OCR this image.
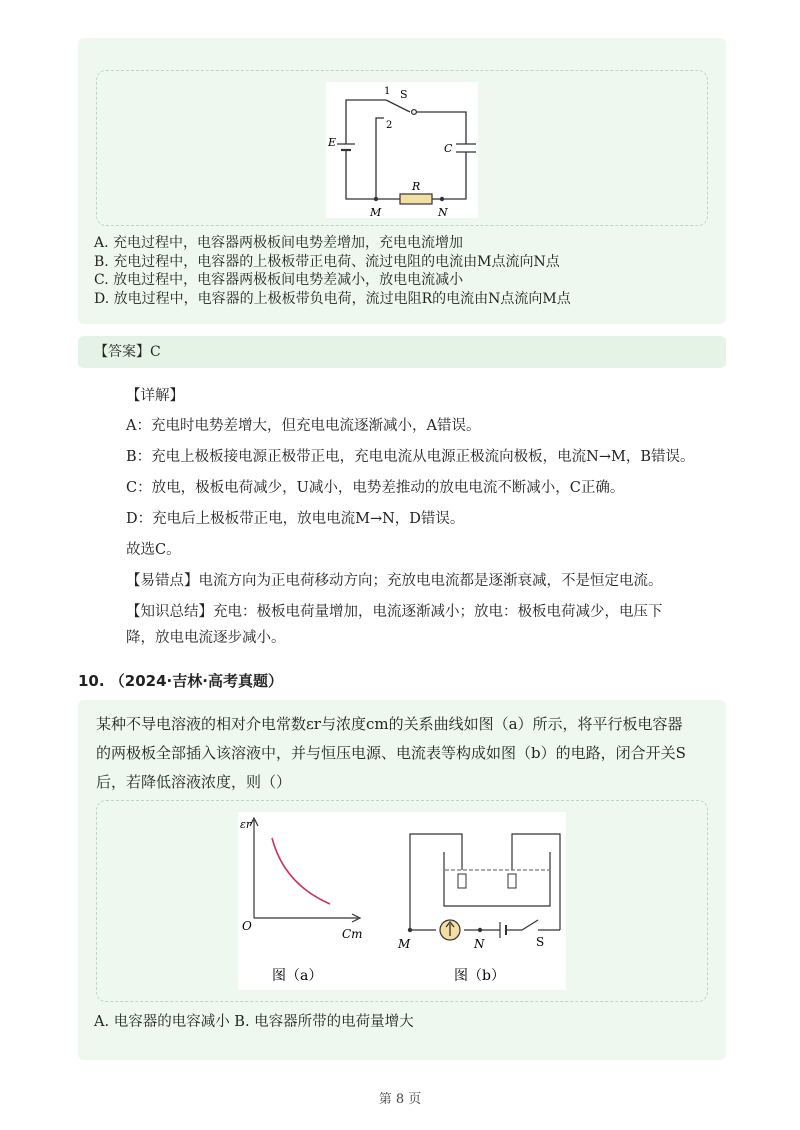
E	C
R
S
1
2
M	N
A. 充电过程中，电容器两极板间电势差增加，充电电流增加
B. 充电过程中，电容器的上极板带正电荷、流过电阻的电流由M点流向N点
C. 放电过程中，电容器两极板间电势差减小，放电电流减小
D. 放电过程中，电容器的上极板带负电荷，流过电阻R的电流由N点流向M点
【答案】C
【详解】
A：充电时电势差增大，但充电电流逐渐减小，A错误。
B：充电上极板接电源正极带正电，充电电流从电源正极流向极板，电流N→M，B错误。
C：放电，极板电荷减少，U减小，电势差推动的放电电流不断减小，C正确。
D：充电后上极板带正电，放电电流M→N，D错误。
故选C。
【易错点】电流方向为正电荷移动方向；充放电电流都是逐渐衰减，不是恒定电流。
【知识总结】充电：极板电荷量增加，电流逐渐减小；放电：极板电荷减少，电压下
降，放电电流逐步减小。
10. （2024·吉林·高考真题）
某种不导电溶液的相对介电常数εr与浓度cm的关系曲线如图（a）所示，将平行板电容器
的两极板全部插入该溶液中，并与恒压电源、电流表等构成如图（b）的电路，闭合开关S
后，若降低溶液浓度，则（）
εr
O
Cm
图（a）
M	N	S
图（b）
A. 电容器的电容减小 B. 电容器所带的电荷量增大
第 8 页
